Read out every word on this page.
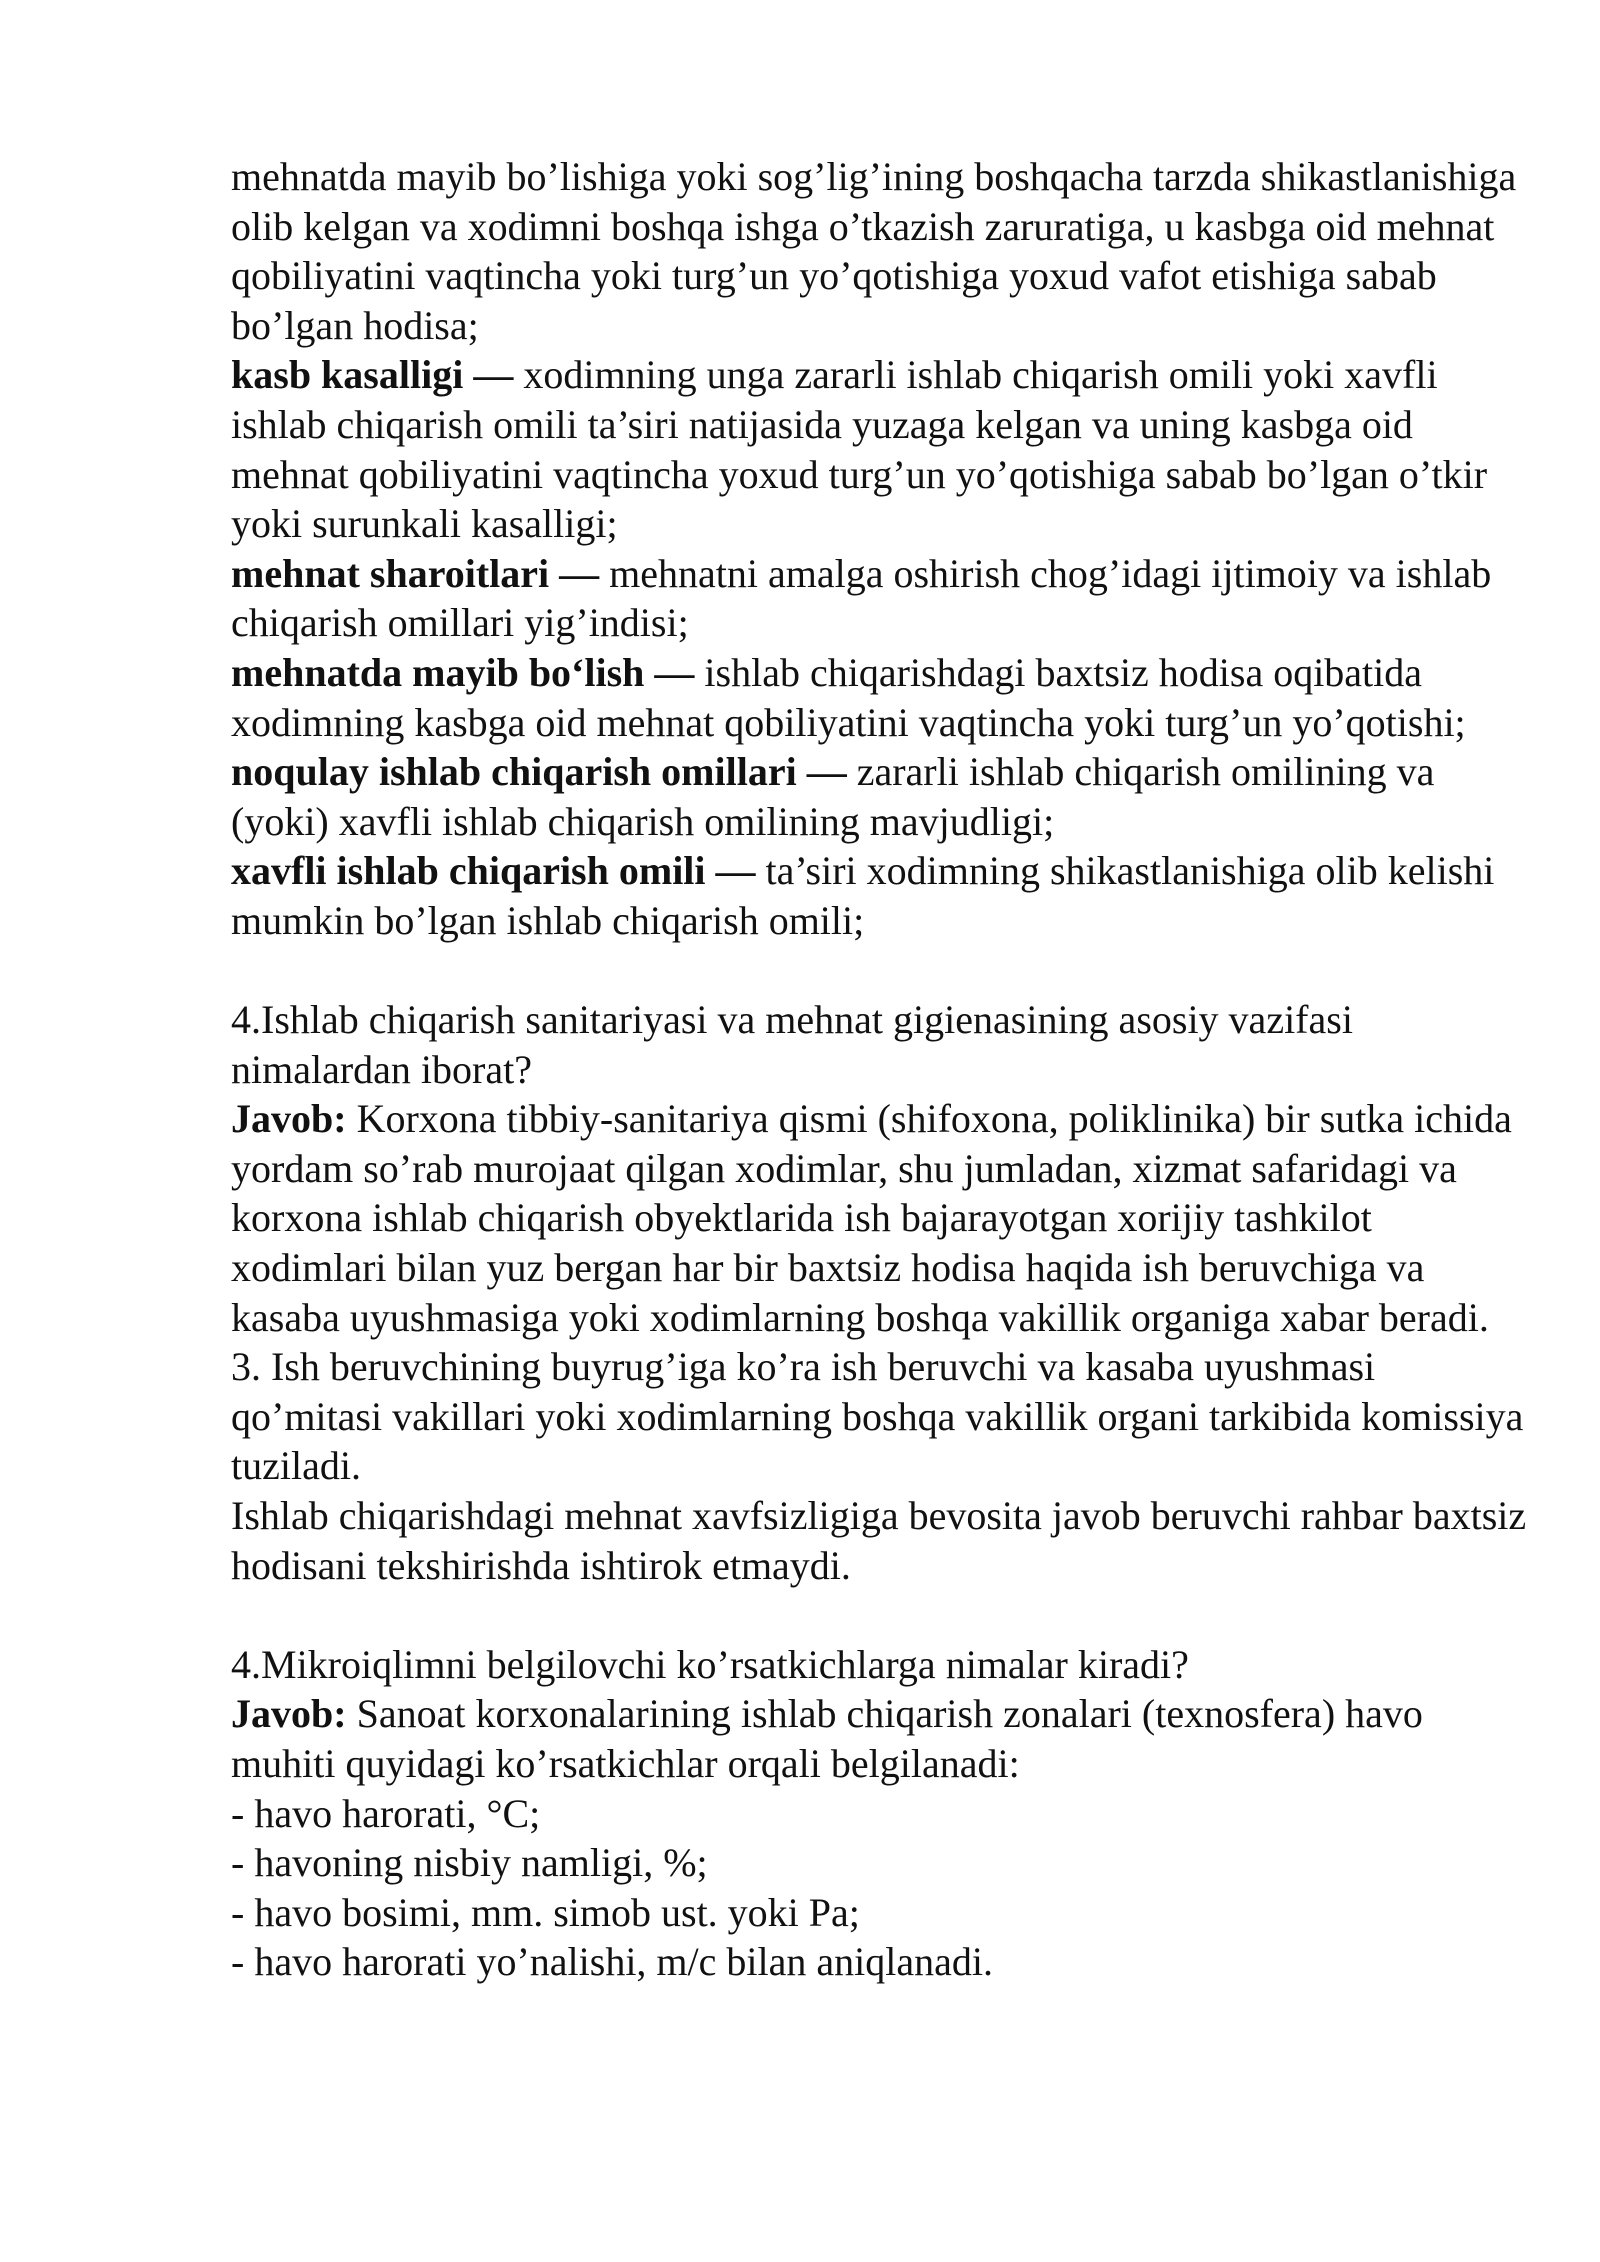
mehnatda mayib bo’lishiga yoki sog’lig’ining boshqacha tarzda shikastlanishiga olib kelgan va xodimni boshqa ishga o’tkazish zaruratiga, u kasbga oid mehnat qobiliyatini vaqtincha yoki turg’un yo’qotishiga yoxud vafot etishiga sabab bo’lgan hodisa;

kasb kasalligi — xodimning unga zararli ishlab chiqarish omili yoki xavfli ishlab chiqarish omili ta’siri natijasida yuzaga kelgan va uning kasbga oid mehnat qobiliyatini vaqtincha yoxud turg’un yo’qotishiga sabab bo’lgan o’tkir yoki surunkali kasalligi;

mehnat sharoitlari — mehnatni amalga oshirish chog’idagi ijtimoiy va ishlab chiqarish omillari yig’indisi;

mehnatda mayib bo‘lish — ishlab chiqarishdagi baxtsiz hodisa oqibatida xodimning kasbga oid mehnat qobiliyatini vaqtincha yoki turg’un yo’qotishi;

noqulay ishlab chiqarish omillari — zararli ishlab chiqarish omilining va (yoki) xavfli ishlab chiqarish omilining mavjudligi;

xavfli ishlab chiqarish omili — ta’siri xodimning shikastlanishiga olib kelishi mumkin bo’lgan ishlab chiqarish omili;

4.Ishlab chiqarish sanitariyasi va mehnat gigienasining asosiy vazifasi nimalardan iborat?

Javob: Korxona tibbiy-sanitariya qismi (shifoxona, poliklinika) bir sutka ichida yordam so’rab murojaat qilgan xodimlar, shu jumladan, xizmat safaridagi va korxona ishlab chiqarish obyektlarida ish bajarayotgan xorijiy tashkilot xodimlari bilan yuz bergan har bir baxtsiz hodisa haqida ish beruvchiga va kasaba uyushmasiga yoki xodimlarning boshqa vakillik organiga xabar beradi.

3. Ish beruvchining buyrug’iga ko’ra ish beruvchi va kasaba uyushmasi qo’mitasi vakillari yoki xodimlarning boshqa vakillik organi tarkibida komissiya tuziladi.

Ishlab chiqarishdagi mehnat xavfsizligiga bevosita javob beruvchi rahbar baxtsiz hodisani tekshirishda ishtirok etmaydi.

4.Mikroiqlimni belgilovchi ko’rsatkichlarga nimalar kiradi?

Javob: Sanoat korxonalarining ishlab chiqarish zonalari (texnosfera) havo muhiti quyidagi ko’rsatkichlar orqali belgilanadi:

- havo harorati, °C;

- havoning nisbiy namligi, %;

- havo bosimi, mm. simob ust. yoki Pa;

- havo harorati yo’nalishi, m/c bilan aniqlanadi.
